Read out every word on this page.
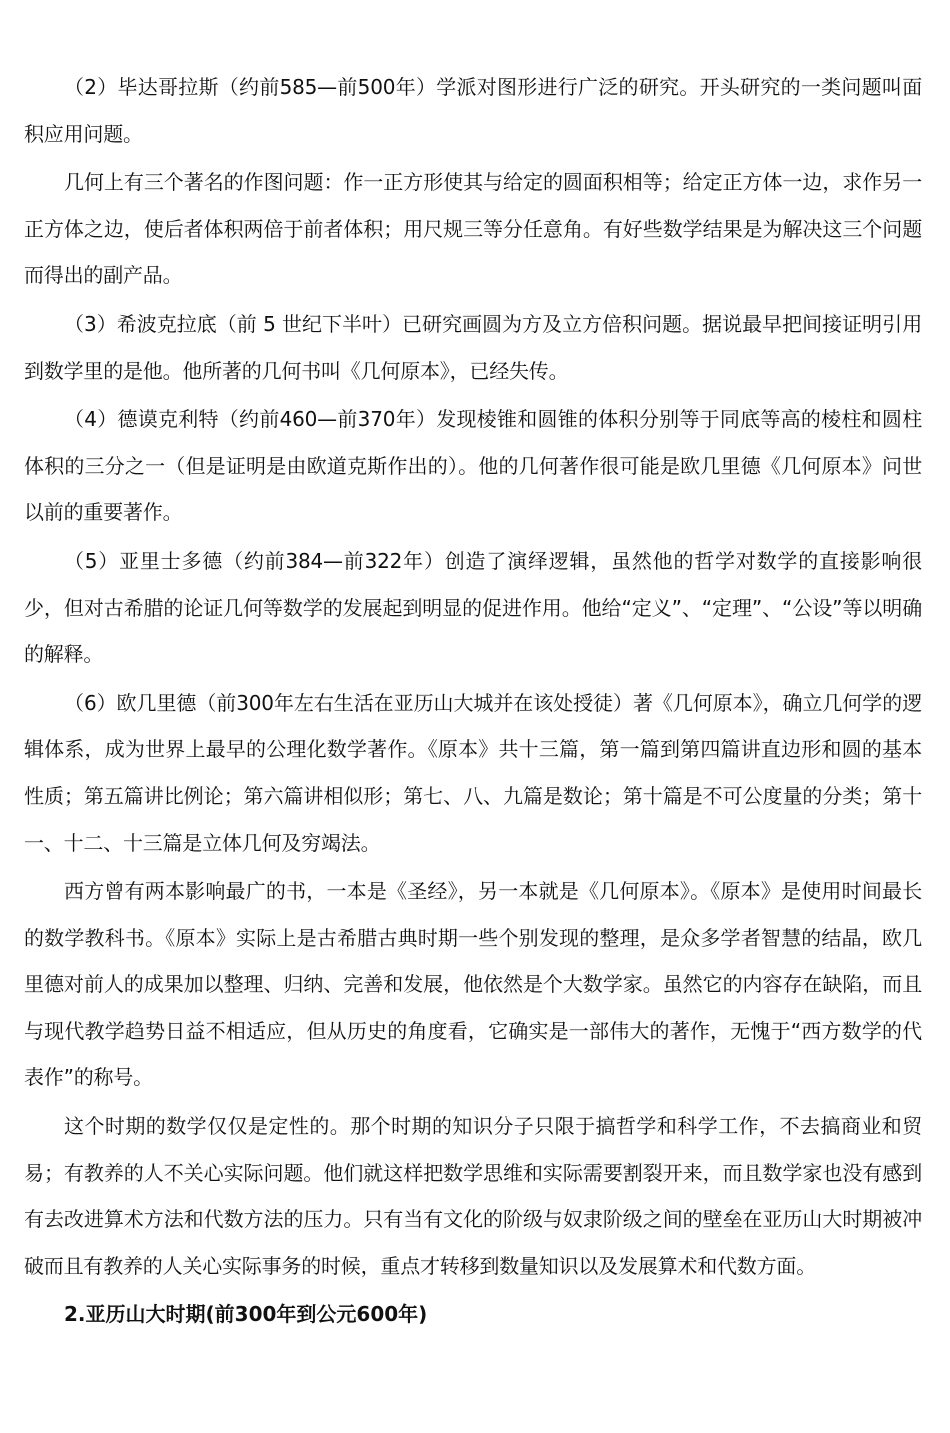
（2）毕达哥拉斯（约前585—前500年）学派对图形进行广泛的研究。开头研究的一类问题叫面积应用问题。

几何上有三个著名的作图问题：作一正方形使其与给定的圆面积相等；给定正方体一边，求作另一正方体之边，使后者体积两倍于前者体积；用尺规三等分任意角。有好些数学结果是为解决这三个问题而得出的副产品。

（3）希波克拉底（前 5 世纪下半叶）已研究画圆为方及立方倍积问题。据说最早把间接证明引用到数学里的是他。他所著的几何书叫《几何原本》，已经失传。

（4）德谟克利特（约前460—前370年）发现棱锥和圆锥的体积分别等于同底等高的棱柱和圆柱体积的三分之一（但是证明是由欧道克斯作出的）。他的几何著作很可能是欧几里德《几何原本》问世以前的重要著作。

（5）亚里士多德（约前384—前322年）创造了演绎逻辑，虽然他的哲学对数学的直接影响很少，但对古希腊的论证几何等数学的发展起到明显的促进作用。他给“定义”、“定理”、“公设”等以明确的解释。

（6）欧几里德（前300年左右生活在亚历山大城并在该处授徒）著《几何原本》，确立几何学的逻辑体系，成为世界上最早的公理化数学著作。《原本》共十三篇，第一篇到第四篇讲直边形和圆的基本性质；第五篇讲比例论；第六篇讲相似形；第七、八、九篇是数论；第十篇是不可公度量的分类；第十一、十二、十三篇是立体几何及穷竭法。

西方曾有两本影响最广的书，一本是《圣经》，另一本就是《几何原本》。《原本》是使用时间最长的数学教科书。《原本》实际上是古希腊古典时期一些个别发现的整理，是众多学者智慧的结晶，欧几里德对前人的成果加以整理、归纳、完善和发展，他依然是个大数学家。虽然它的内容存在缺陷，而且与现代教学趋势日益不相适应，但从历史的角度看，它确实是一部伟大的著作，无愧于“西方数学的代表作”的称号。

这个时期的数学仅仅是定性的。那个时期的知识分子只限于搞哲学和科学工作，不去搞商业和贸易；有教养的人不关心实际问题。他们就这样把数学思维和实际需要割裂开来，而且数学家也没有感到有去改进算术方法和代数方法的压力。只有当有文化的阶级与奴隶阶级之间的壁垒在亚历山大时期被冲破而且有教养的人关心实际事务的时候，重点才转移到数量知识以及发展算术和代数方面。

2.亚历山大时期(前300年到公元600年)
